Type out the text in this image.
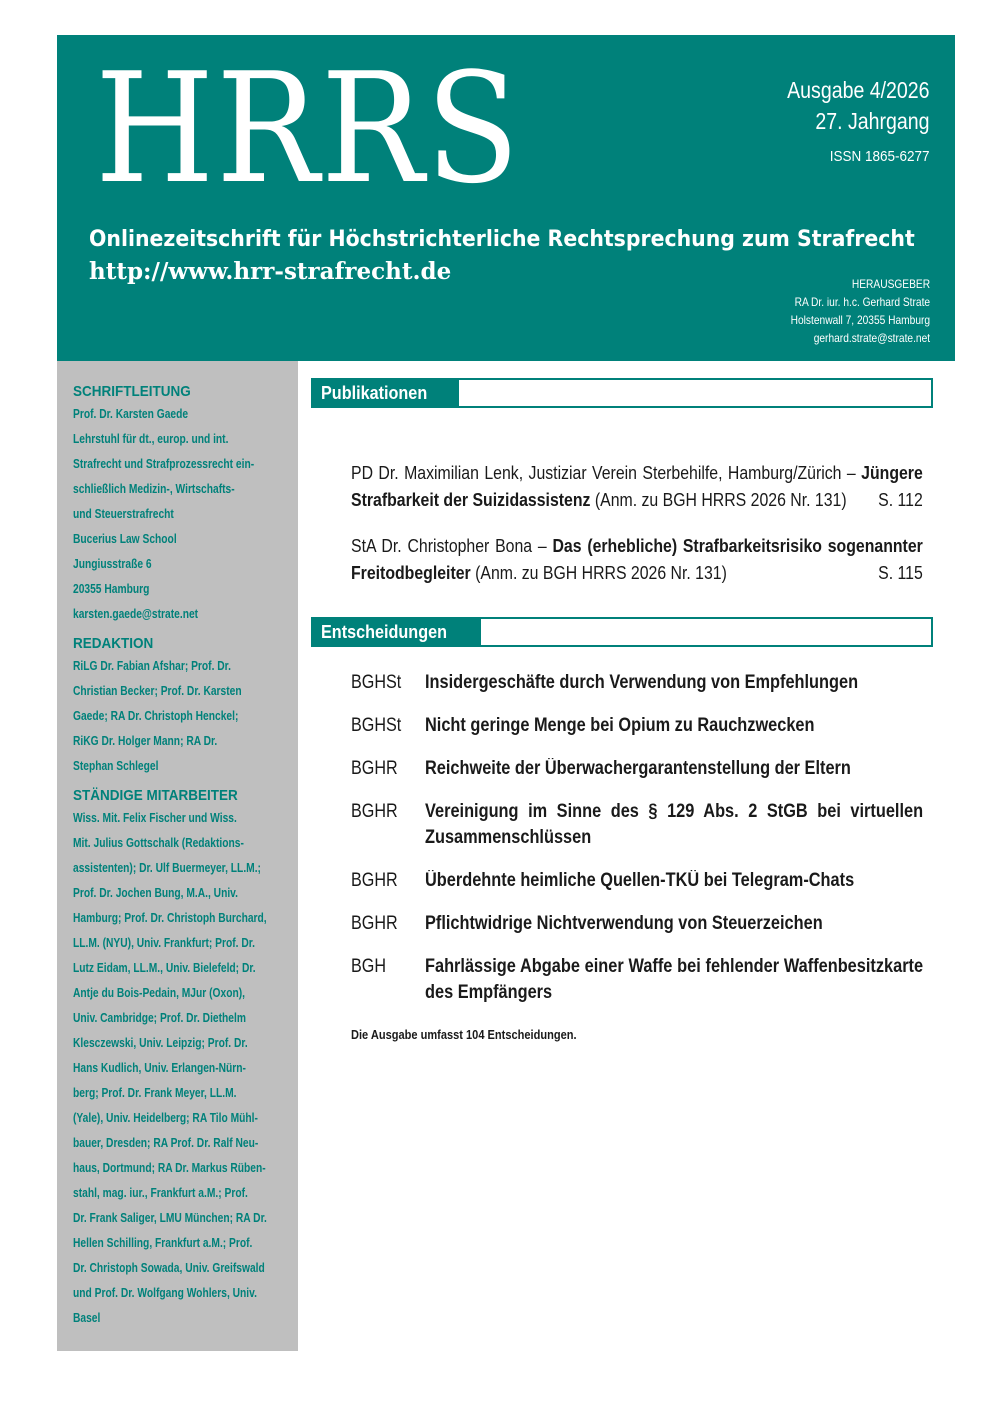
HRRS	Ausgabe 4/2026
27. Jahrgang
ISSN 1865-6277
Onlinezeitschrift für Höchstrichterliche Rechtsprechung zum Strafrecht
http://www.hrr-strafrecht.de	HERAUSGEBER
RA Dr. iur. h.c. Gerhard Strate
Holstenwall 7, 20355 Hamburg
gerhard.strate@strate.net
SCHRIFTLEITUNG
Prof. Dr. Karsten Gaede
Lehrstuhl für dt., europ. und int.
Strafrecht und Strafprozessrecht ein-
schließlich Medizin-, Wirtschafts-
und Steuerstrafrecht
Bucerius Law School
Jungiusstraße 6
20355 Hamburg
karsten.gaede@strate.net
REDAKTION
RiLG Dr. Fabian Afshar; Prof. Dr.
Christian Becker; Prof. Dr. Karsten
Gaede; RA Dr. Christoph Henckel;
RiKG Dr. Holger Mann; RA Dr.
Stephan Schlegel
STÄNDIGE MITARBEITER
Wiss. Mit. Felix Fischer und Wiss.
Mit. Julius Gottschalk (Redaktions-
assistenten); Dr. Ulf Buermeyer, LL.M.;
Prof. Dr. Jochen Bung, M.A., Univ.
Hamburg; Prof. Dr. Christoph Burchard,
LL.M. (NYU), Univ. Frankfurt; Prof. Dr.
Lutz Eidam, LL.M., Univ. Bielefeld; Dr.
Antje du Bois-Pedain, MJur (Oxon),
Univ. Cambridge; Prof. Dr. Diethelm
Klesczewski, Univ. Leipzig; Prof. Dr.
Hans Kudlich, Univ. Erlangen-Nürn-
berg; Prof. Dr. Frank Meyer, LL.M.
(Yale), Univ. Heidelberg; RA Tilo Mühl-
bauer, Dresden; RA Prof. Dr. Ralf Neu-
haus, Dortmund; RA Dr. Markus Rüben-
stahl, mag. iur., Frankfurt a.M.; Prof.
Dr. Frank Saliger, LMU München; RA Dr.
Hellen Schilling, Frankfurt a.M.; Prof.
Dr. Christoph Sowada, Univ. Greifswald
und Prof. Dr. Wolfgang Wohlers, Univ.
Basel
Publikationen
PD Dr. Maximilian Lenk, Justiziar Verein Sterbehilfe, Hamburg/Zürich – Jüngere Strafbarkeit der Suizidassistenz (Anm. zu BGH HRRS 2026 Nr. 131) S. 112
StA Dr. Christopher Bona – Das (erhebliche) Strafbarkeitsrisiko sogenannter Freitodbegleiter (Anm. zu BGH HRRS 2026 Nr. 131)	S. 115
Entscheidungen
BGHSt	Insidergeschäfte durch Verwendung von Empfehlungen
BGHSt	Nicht geringe Menge bei Opium zu Rauchzwecken
BGHR	Reichweite der Überwachergarantenstellung der Eltern
BGHR	Vereinigung im Sinne des § 129 Abs. 2 StGB bei virtuellen Zusammenschlüssen
BGHR	Überdehnte heimliche Quellen-TKÜ bei Telegram-Chats
BGHR	Pflichtwidrige Nichtverwendung von Steuerzeichen
BGH	Fahrlässige Abgabe einer Waffe bei fehlender Waffenbesitzkarte des Empfängers
Die Ausgabe umfasst 104 Entscheidungen.
